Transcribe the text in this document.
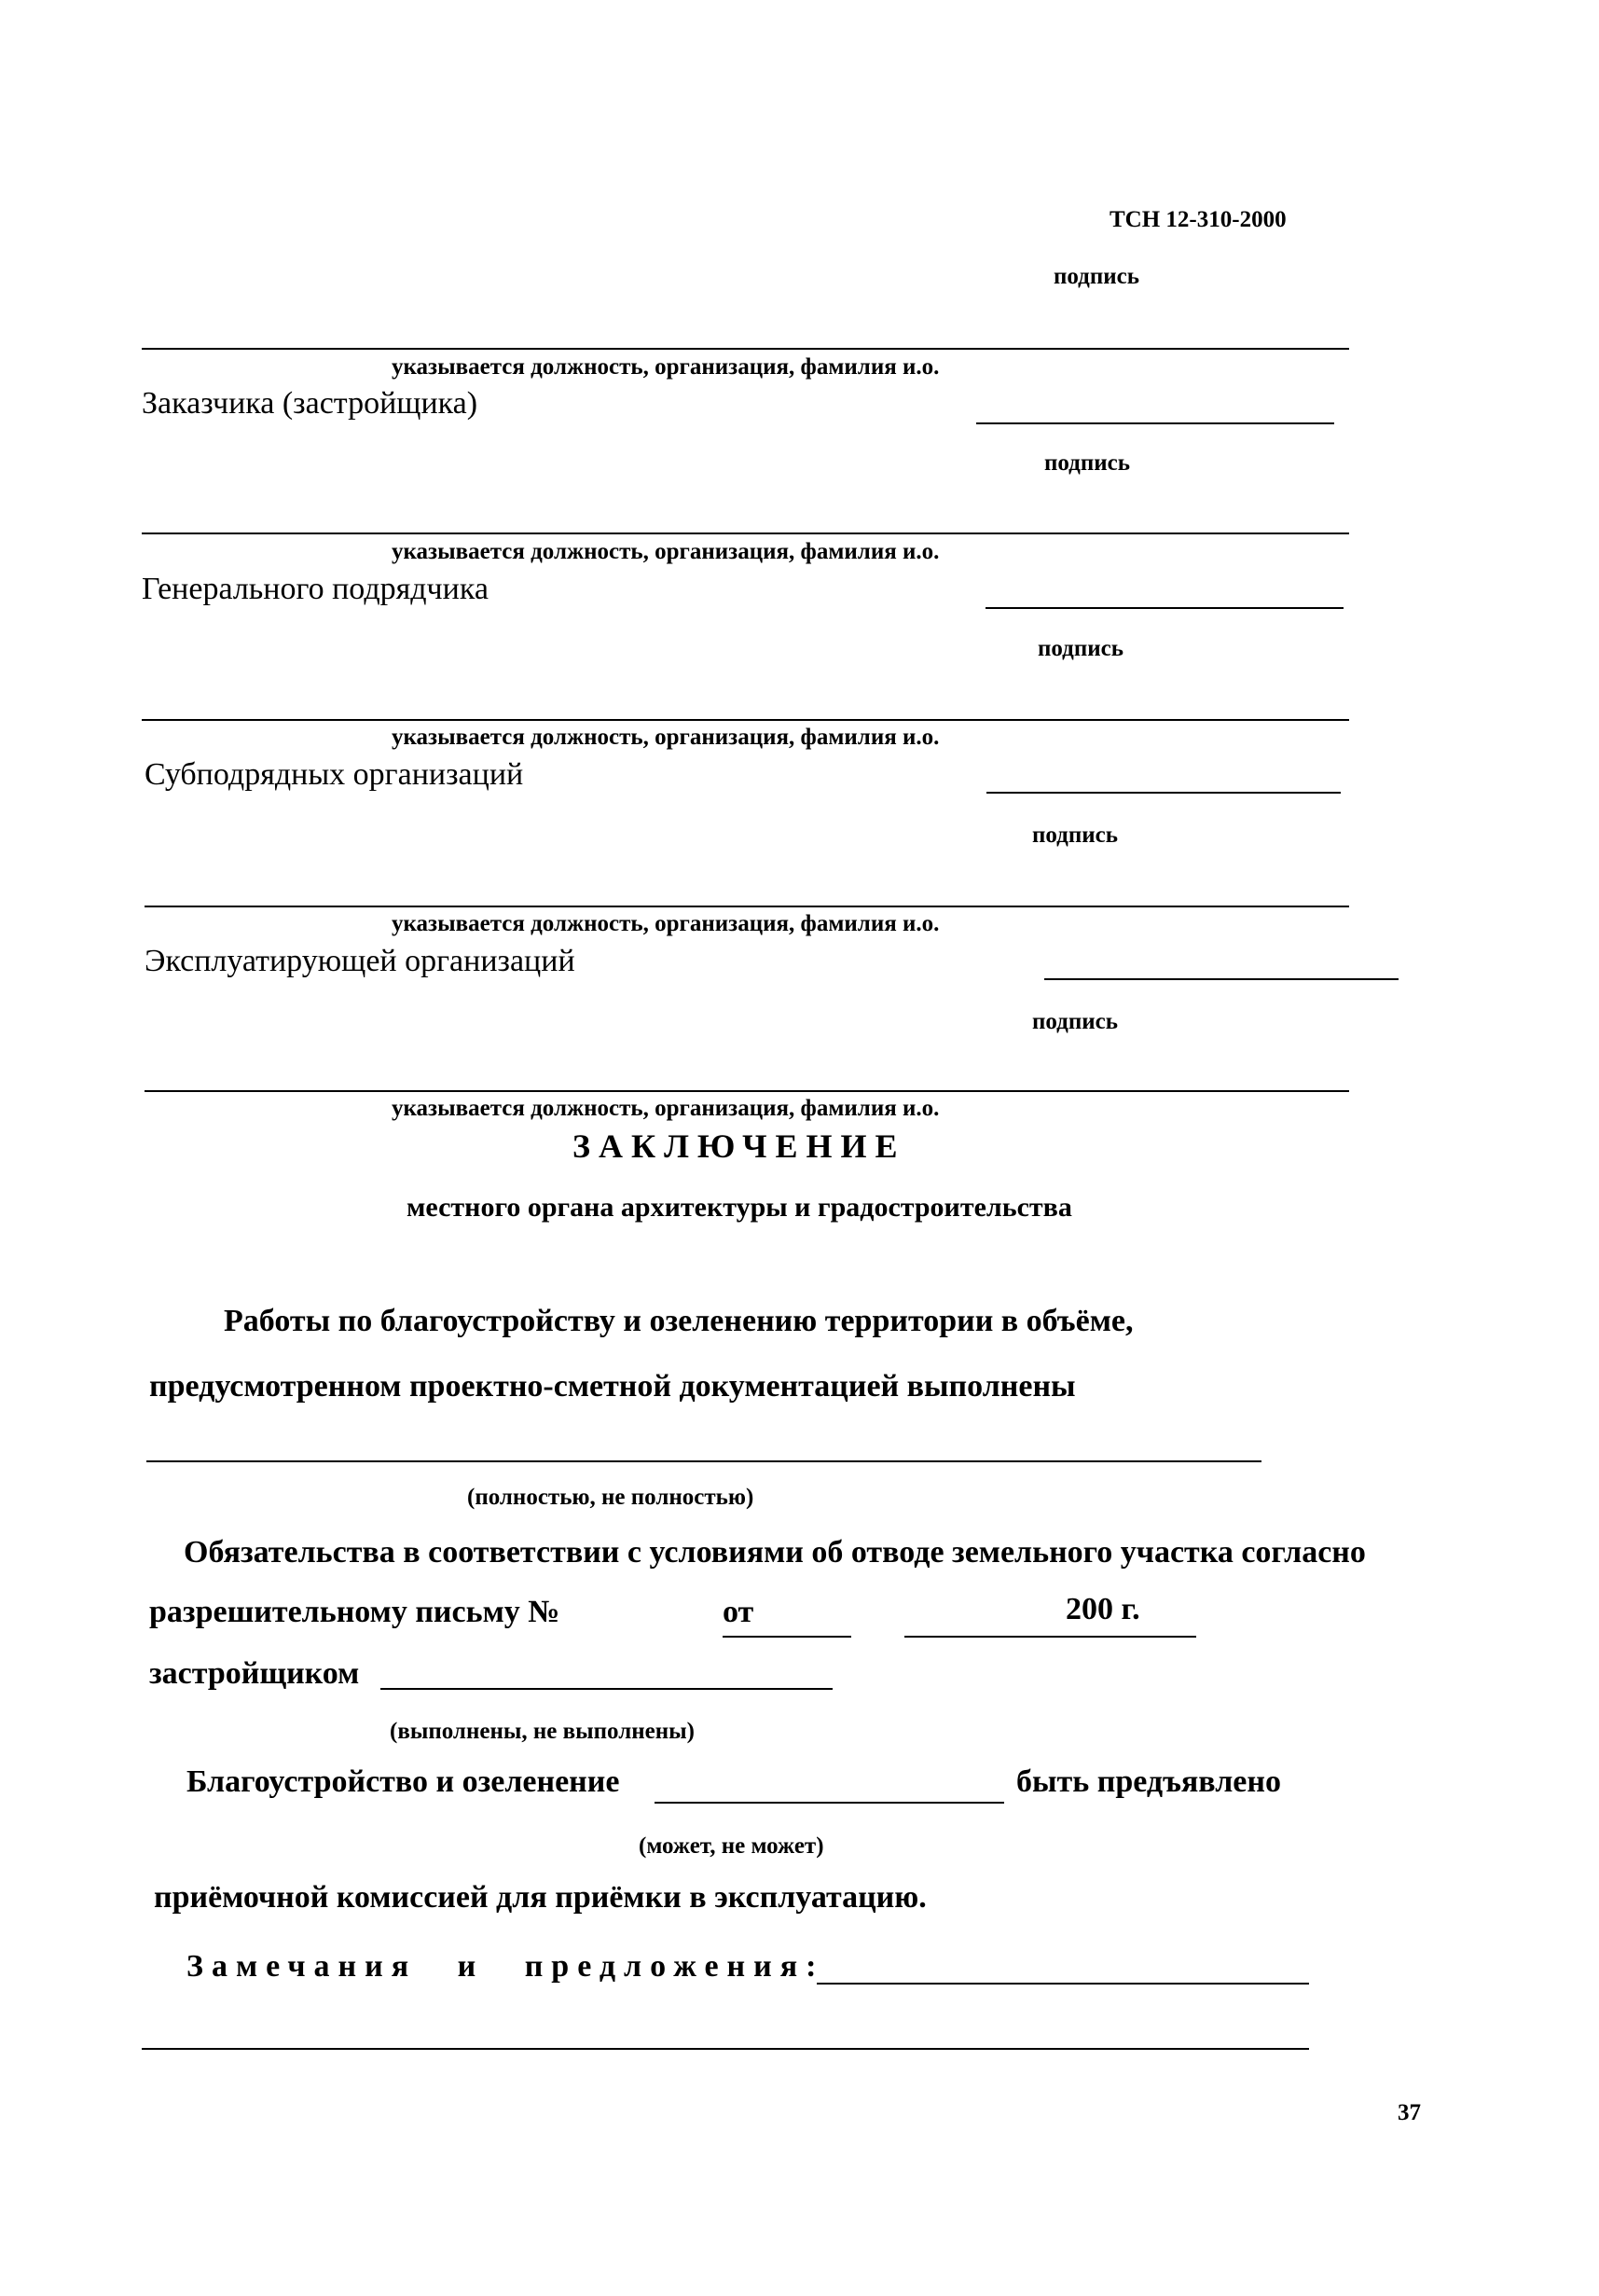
ТСН 12-310-2000
подпись
указывается должность, организация, фамилия и.о.
Заказчика (застройщика)
подпись
указывается должность, организация, фамилия и.о.
Генерального подрядчика
подпись
указывается должность, организация, фамилия и.о.
Субподрядных организаций
подпись
указывается должность, организация, фамилия и.о.
Эксплуатирующей организаций
подпись
указывается должность, организация, фамилия и.о.
ЗАКЛЮЧЕНИЕ
местного органа архитектуры и градостроительства
Работы по благоустройству и озеленению территории в объёме,
предусмотренном проектно-сметной документацией выполнены
(полностью, не полностью)
Обязательства в соответствии с условиями об отводе земельного участка согласно
разрешительному письму №	от	200 г.
застройщиком
(выполнены, не выполнены)
Благоустройство и озеленение	быть предъявлено
(может, не может)
приёмочной комиссией для приёмки в эксплуатацию.
Замечания и предложения:
37
